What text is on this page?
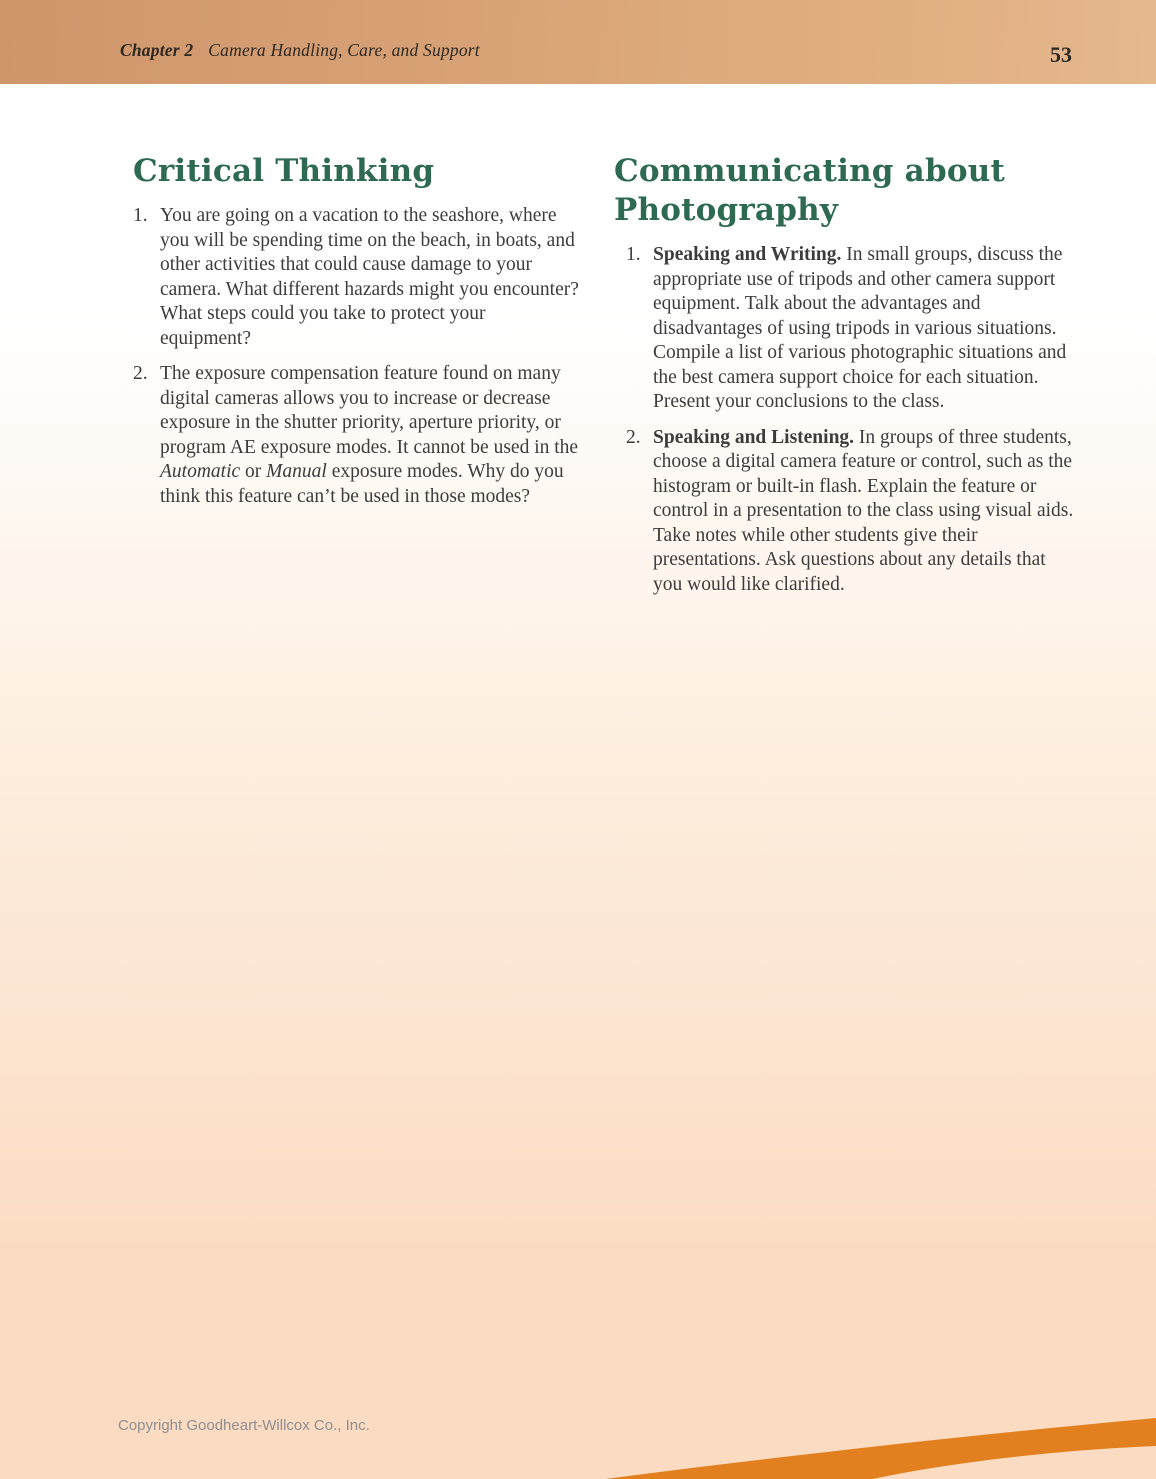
Chapter 2 Camera Handling, Care, and Support	53
Critical Thinking
1. You are going on a vacation to the seashore, where you will be spending time on the beach, in boats, and other activities that could cause damage to your camera. What different hazards might you encounter? What steps could you take to protect your equipment?
2. The exposure compensation feature found on many digital cameras allows you to increase or decrease exposure in the shutter priority, aperture priority, or program AE exposure modes. It cannot be used in the Automatic or Manual exposure modes. Why do you think this feature can’t be used in those modes?
Communicating about Photography
1. Speaking and Writing. In small groups, discuss the appropriate use of tripods and other camera support equipment. Talk about the advantages and disadvantages of using tripods in various situations. Compile a list of various photographic situations and the best camera support choice for each situation. Present your conclusions to the class.
2. Speaking and Listening. In groups of three students, choose a digital camera feature or control, such as the histogram or built-in flash. Explain the feature or control in a presentation to the class using visual aids. Take notes while other students give their presentations. Ask questions about any details that you would like clarified.
Copyright Goodheart-Willcox Co., Inc.
